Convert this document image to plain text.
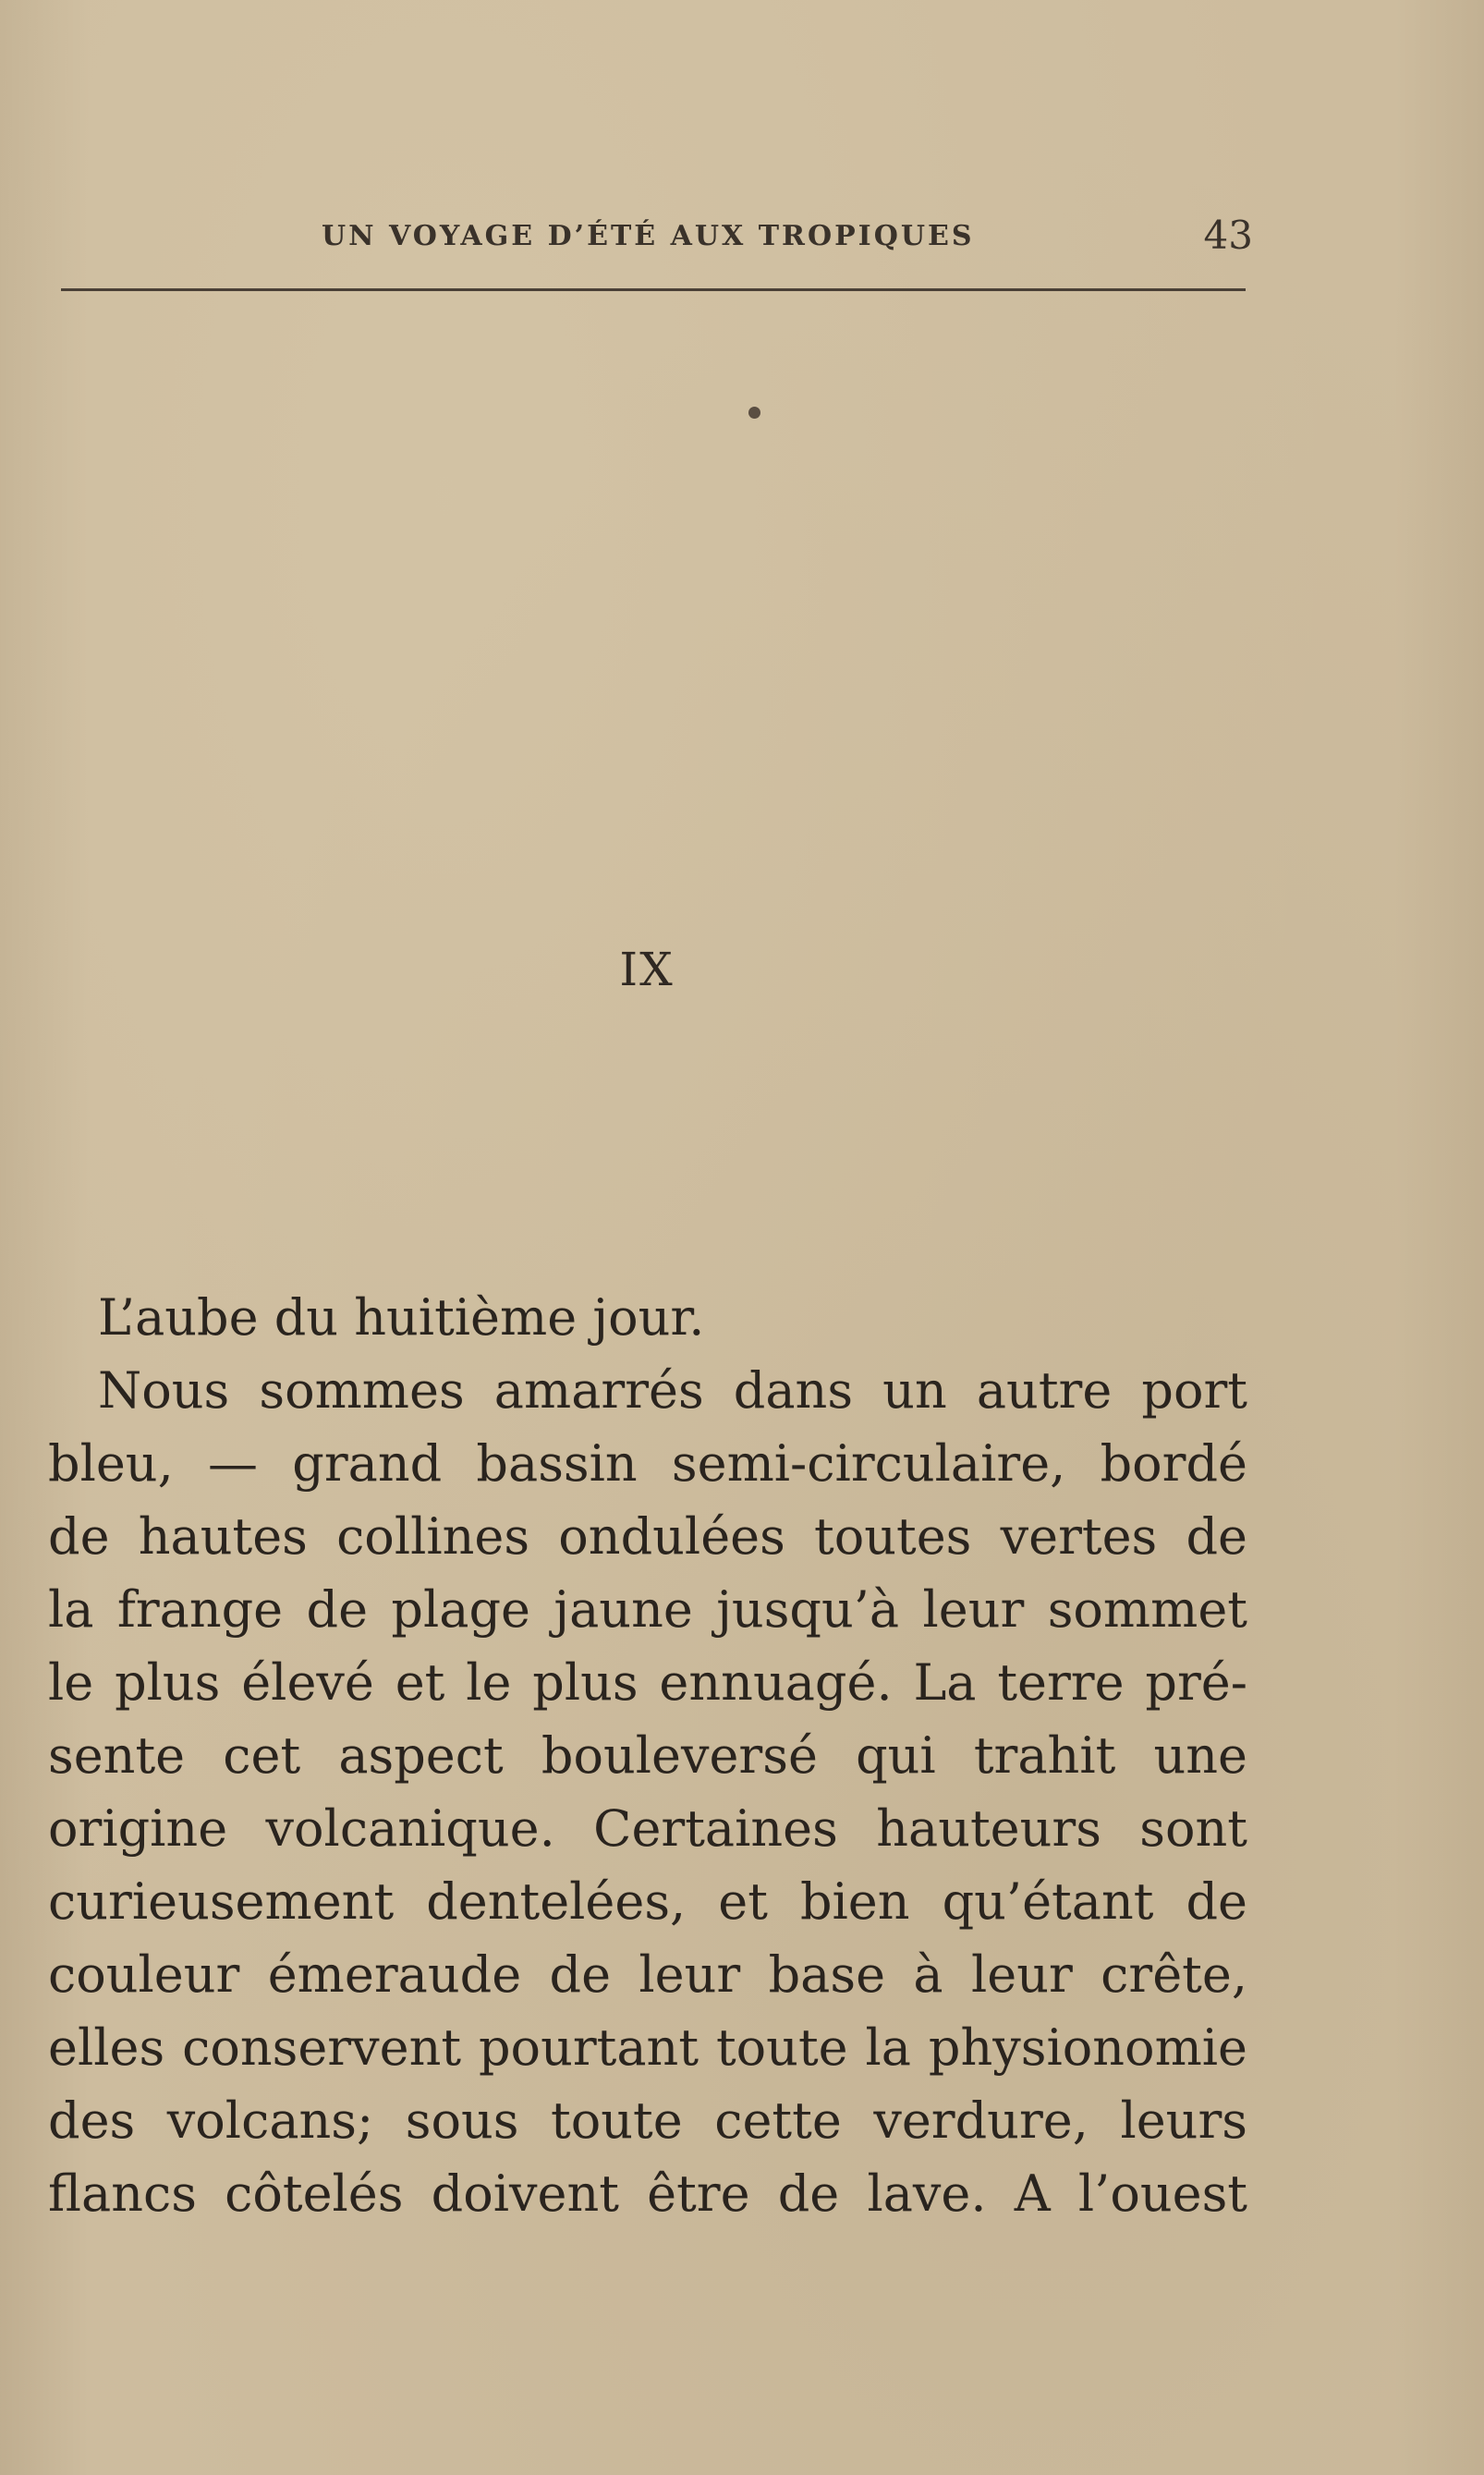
UN VOYAGE D’ÉTÉ AUX TROPIQUES	43
IX
L’aube du huitième jour.
Nous sommes amarrés dans un autre port
bleu, — grand bassin semi-circulaire, bordé
de hautes collines ondulées toutes vertes de
la frange de plage jaune jusqu’à leur sommet
le plus élevé et le plus ennuagé. La terre pré-
sente cet aspect bouleversé qui trahit une
origine volcanique. Certaines hauteurs sont
curieusement dentelées, et bien qu’étant de
couleur émeraude de leur base à leur crête,
elles conservent pourtant toute la physionomie
des volcans; sous toute cette verdure, leurs
flancs côtelés doivent être de lave. A l’ouest
